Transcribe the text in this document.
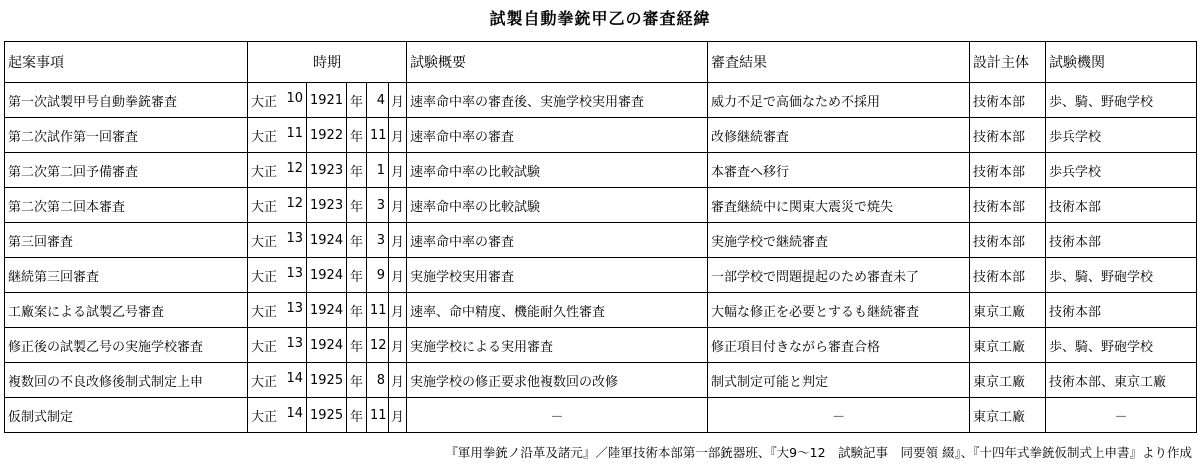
試製自動拳銃甲乙の審査経緯
起案事項	時期					試験概要	審査結果	設計主体	試験機関
第一次試製甲号自動拳銃審査	大正 10	1921	年	4	月	速率命中率の審査後、実施学校実用審査	威力不足で高価なため不採用	技術本部	歩、騎、野砲学校
第二次試作第一回審査	大正 11	1922	年	11	月	速率命中率の審査	改修継続審査	技術本部	歩兵学校
第二次第二回予備審査	大正 12	1923	年	1	月	速率命中率の比較試験	本審査へ移行	技術本部	歩兵学校
第二次第二回本審査	大正 12	1923	年	3	月	速率命中率の比較試験	審査継続中に関東大震災で焼失	技術本部	技術本部
第三回審査	大正 13	1924	年	3	月	速率命中率の審査	実施学校で継続審査	技術本部	技術本部
継続第三回審査	大正 13	1924	年	9	月	実施学校実用審査	一部学校で問題提起のため審査未了	技術本部	歩、騎、野砲学校
工廠案による試製乙号審査	大正 13	1924	年	11	月	速率、命中精度、機能耐久性審査	大幅な修正を必要とするも継続審査	東京工廠	技術本部
修正後の試製乙号の実施学校審査	大正 13	1924	年	12	月	実施学校による実用審査	修正項目付きながら審査合格	東京工廠	歩、騎、野砲学校
複数回の不良改修後制式制定上申	大正 14	1925	年	8	月	実施学校の修正要求他複数回の改修	制式制定可能と判定	東京工廠	技術本部、東京工廠
仮制式制定	大正 14	1925	年	11	月	－	－	東京工廠	－
『軍用拳銃ノ沿革及諸元』／陸軍技術本部第一部銃器班、『大9～12　試験記事　同要領 綴』、『十四年式拳銃仮制式上申書』より作成
